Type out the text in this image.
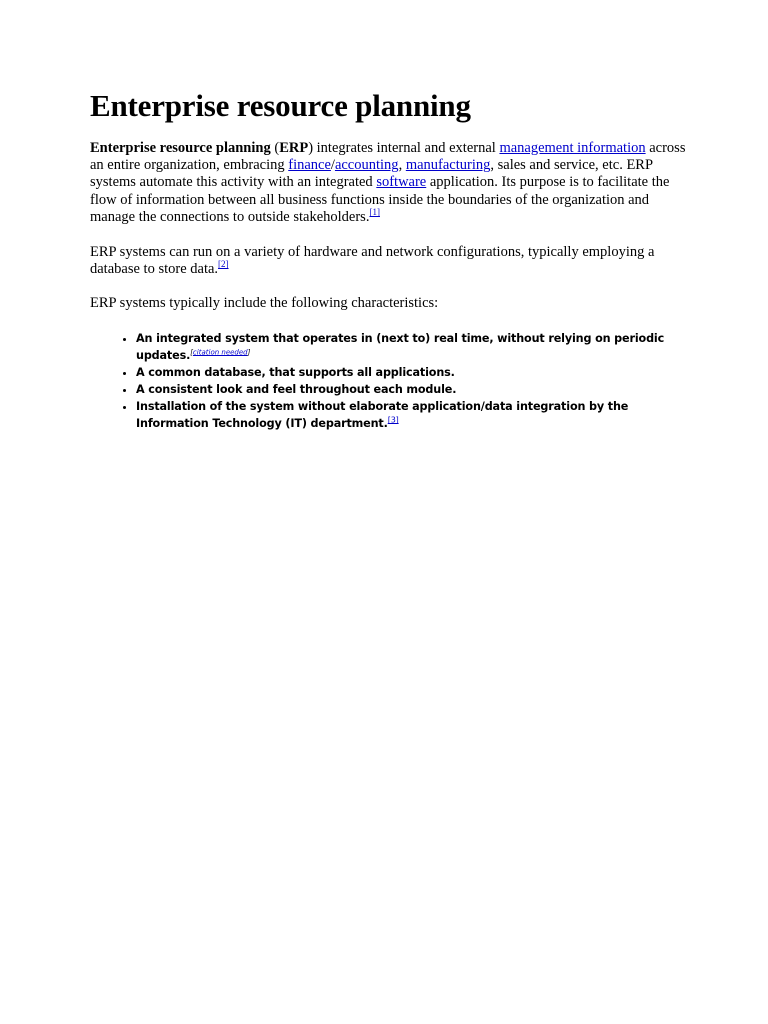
Enterprise resource planning

Enterprise resource planning (ERP) integrates internal and external management information across an entire organization, embracing finance/accounting, manufacturing, sales and service, etc. ERP systems automate this activity with an integrated software application. Its purpose is to facilitate the flow of information between all business functions inside the boundaries of the organization and manage the connections to outside stakeholders.[1]

ERP systems can run on a variety of hardware and network configurations, typically employing a database to store data.[2]

ERP systems typically include the following characteristics:

• An integrated system that operates in (next to) real time, without relying on periodic updates.[citation needed]
• A common database, that supports all applications.
• A consistent look and feel throughout each module.
• Installation of the system without elaborate application/data integration by the Information Technology (IT) department.[3]
